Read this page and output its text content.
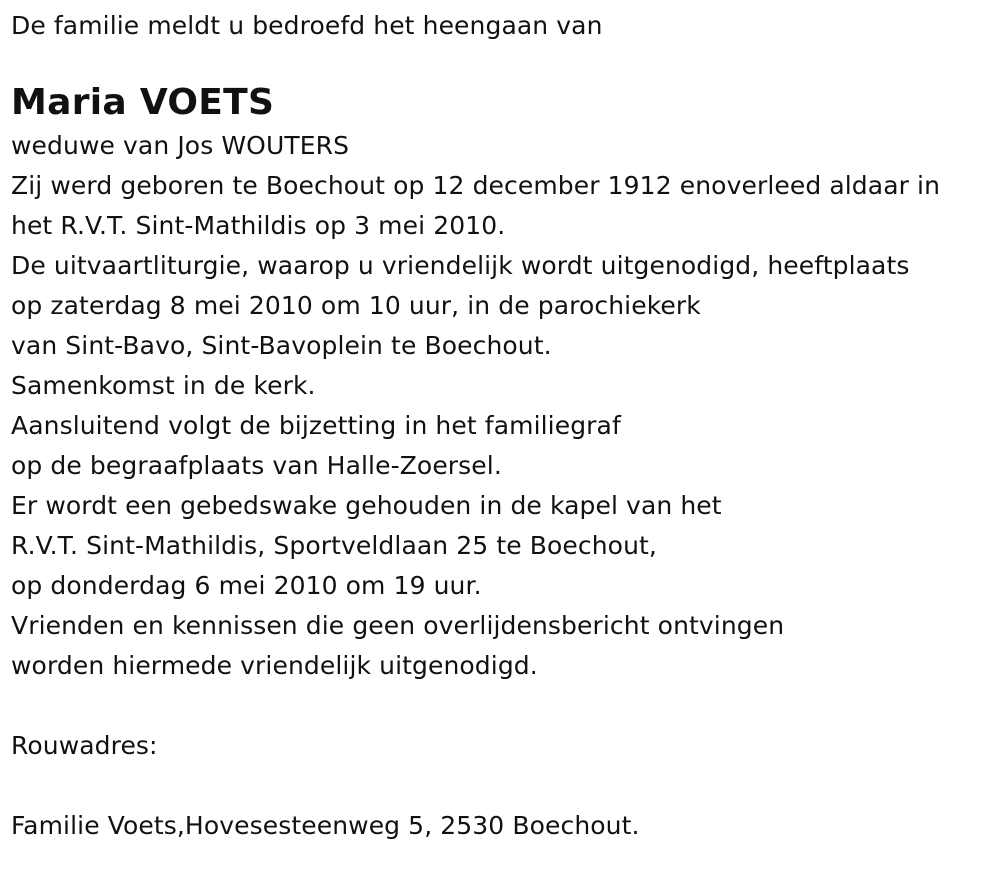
De familie meldt u bedroefd het heengaan van
Maria VOETS
weduwe van Jos WOUTERS
Zij werd geboren te Boechout op 12 december 1912 enoverleed aldaar in
het R.V.T. Sint-Mathildis op 3 mei 2010.
De uitvaartliturgie, waarop u vriendelijk wordt uitgenodigd, heeftplaats
op zaterdag 8 mei 2010 om 10 uur, in de parochiekerk
van Sint-Bavo, Sint-Bavoplein te Boechout.
Samenkomst in de kerk.
Aansluitend volgt de bijzetting in het familiegraf
op de begraafplaats van Halle-Zoersel.
Er wordt een gebedswake gehouden in de kapel van het
R.V.T. Sint-Mathildis, Sportveldlaan 25 te Boechout,
op donderdag 6 mei 2010 om 19 uur.
Vrienden en kennissen die geen overlijdensbericht ontvingen
worden hiermede vriendelijk uitgenodigd.
Rouwadres:
Familie Voets,Hovesesteenweg 5, 2530 Boechout.
